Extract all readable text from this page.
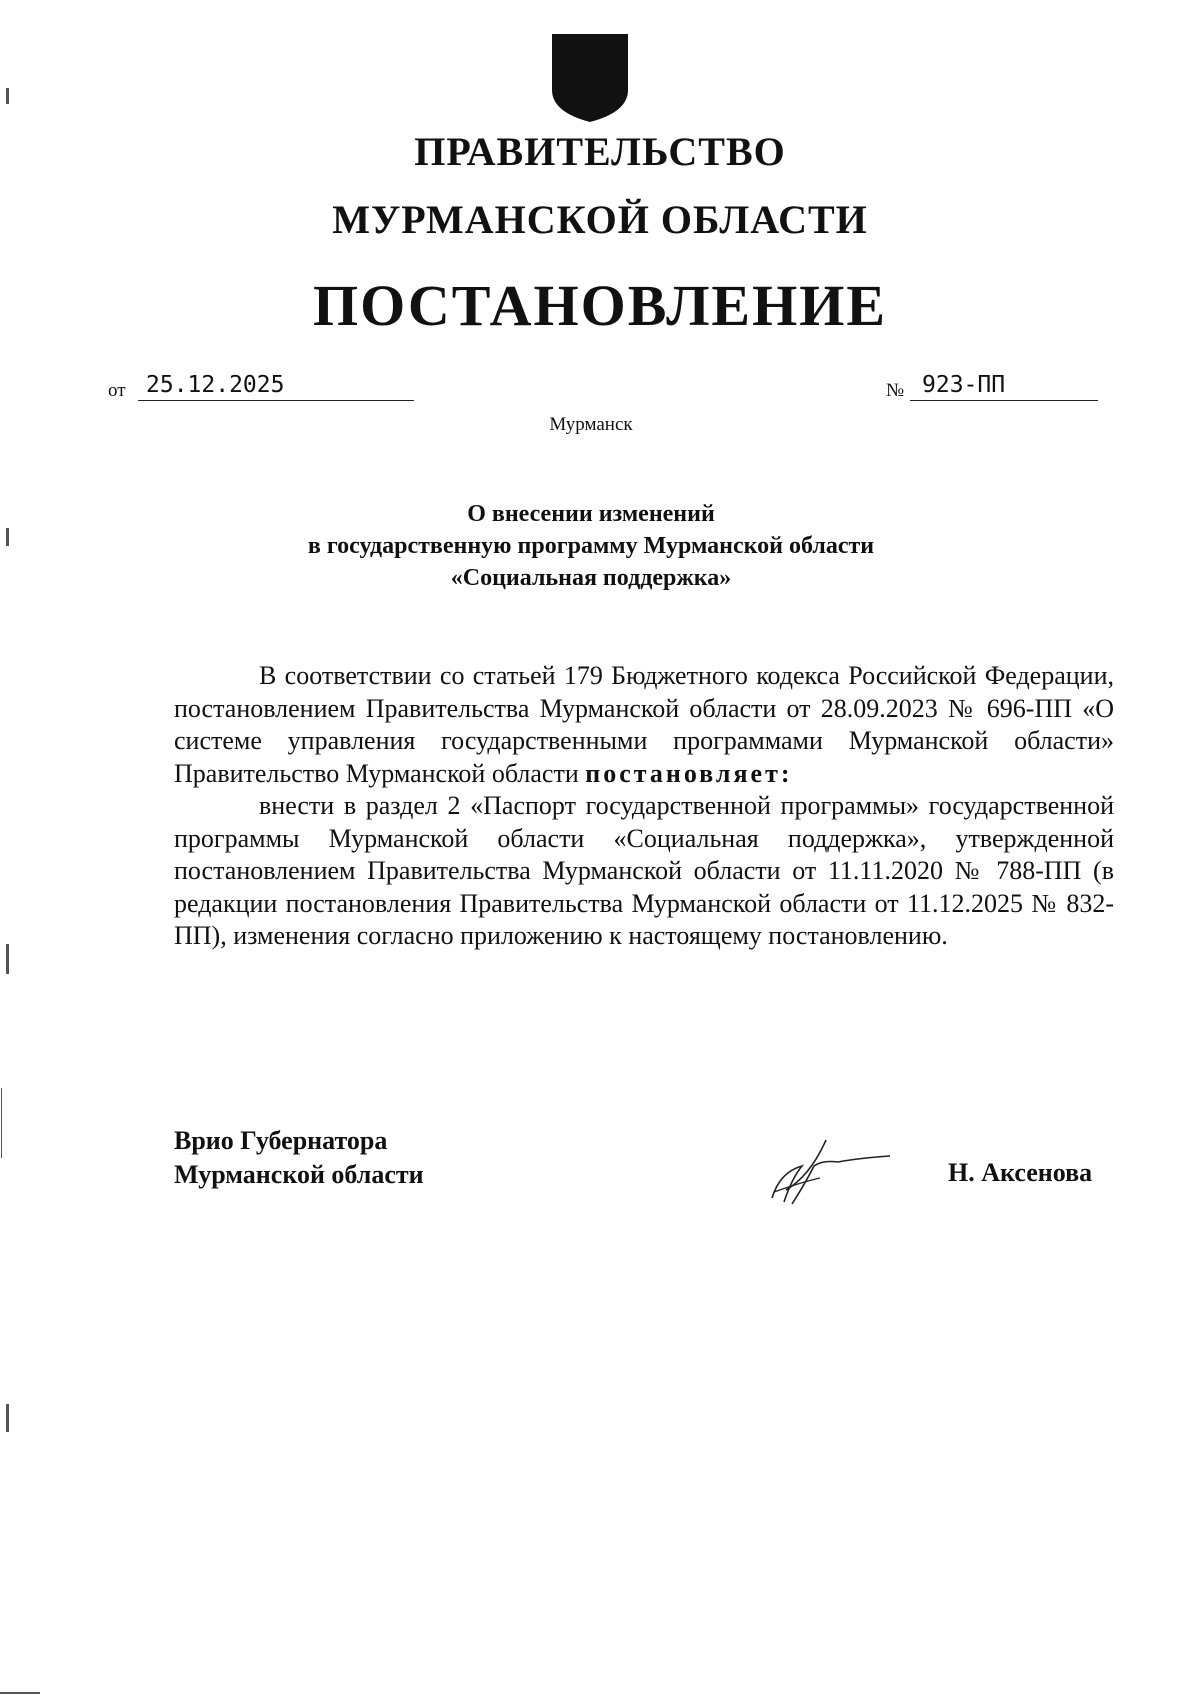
ПРАВИТЕЛЬСТВО
МУРМАНСКОЙ ОБЛАСТИ
ПОСТАНОВЛЕНИЕ
от 25.12.2025	№ 923-ПП
Мурманск
О внесении изменений
в государственную программу Мурманской области
«Социальная поддержка»

В соответствии со статьей 179 Бюджетного кодекса Российской Федерации, постановлением Правительства Мурманской области от 28.09.2023 № 696-ПП «О системе управления государственными программами Мурманской области» Правительство Мурманской области постановляет:

внести в раздел 2 «Паспорт государственной программы» государственной программы Мурманской области «Социальная поддержка», утвержденной постановлением Правительства Мурманской области от 11.11.2020 № 788-ПП (в редакции постановления Правительства Мурманской области от 11.12.2025 № 832-ПП), изменения согласно приложению к настоящему постановлению.

Врио Губернатора
Мурманской области	Н. Аксенова
